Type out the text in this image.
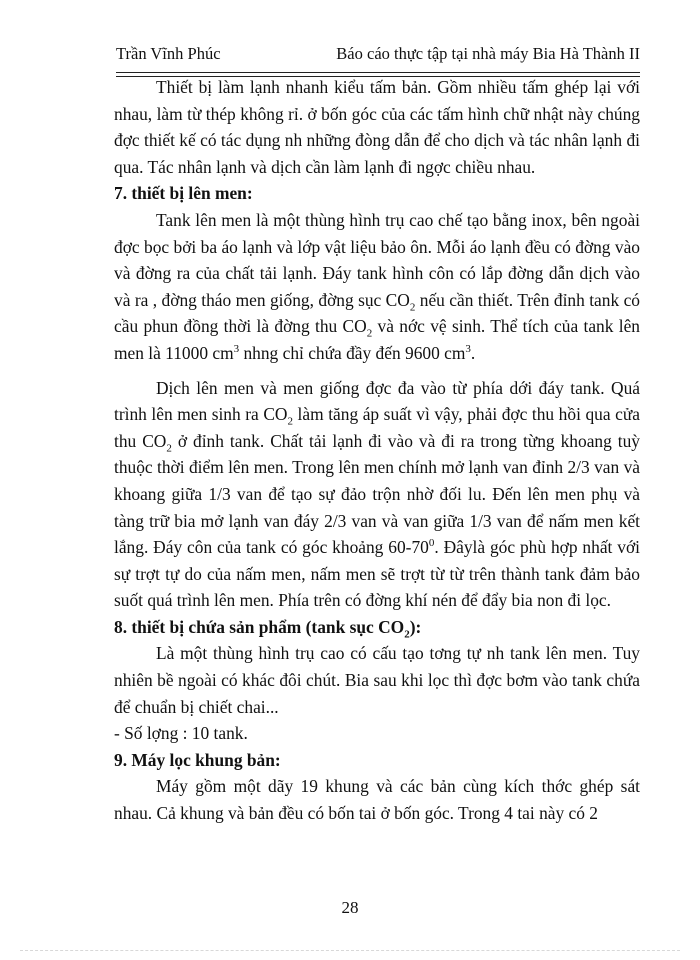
Trần Vĩnh Phúc	Báo cáo thực tập tại nhà máy Bia Hà Thành II

Thiết bị làm lạnh nhanh kiểu tấm bản. Gồm nhiều tấm ghép lại với nhau, làm từ thép không rỉ. ở bốn góc của các tấm hình chữ nhật này chúng đợc thiết kế có tác dụng nh những đòng dẫn để cho dịch và tác nhân lạnh đi qua. Tác nhân lạnh và dịch cần làm lạnh đi ngợc chiều nhau.

7. thiết bị lên men:

Tank lên men là một thùng hình trụ cao chế tạo bằng inox, bên ngoài đợc bọc bởi ba áo lạnh và lớp vật liệu bảo ôn. Mỗi áo lạnh đều có đờng vào và đờng ra của chất tải lạnh. Đáy tank hình côn có lắp đờng dẫn dịch vào và ra , đờng tháo men giống, đờng sục $CO_2$ nếu cần thiết. Trên đỉnh tank có cầu phun đồng thời là đờng thu $CO_2$ và nớc vệ sinh. Thể tích của tank lên men là 11000 $cm^3$ nhng chỉ chứa đầy đến 9600 $cm^3$.

Dịch lên men và men giống đợc đa vào từ phía dới đáy tank. Quá trình lên men sinh ra $CO_2$ làm tăng áp suất vì vậy, phải đợc thu hồi qua cửa thu $CO_2$ ở đỉnh tank. Chất tải lạnh đi vào và đi ra trong từng khoang tuỳ thuộc thời điểm lên men. Trong lên men chính mở lạnh van đỉnh 2/3 van và khoang giữa 1/3 van để tạo sự đảo trộn nhờ đối lu. Đến lên men phụ và tàng trữ bia mở lạnh van đáy 2/3 van và van giữa 1/3 van để nấm men kết lắng. Đáy côn của tank có góc khoảng $60-70^0$. Đâylà góc phù hợp nhất với sự trợt tự do của nấm men, nấm men sẽ trợt từ từ trên thành tank đảm bảo suốt quá trình lên men. Phía trên có đờng khí nén để đẩy bia non đi lọc.

8. thiết bị chứa sản phẩm (tank sục $CO_2$):

Là một thùng hình trụ cao có cấu tạo tơng tự nh tank lên men. Tuy nhiên bề ngoài có khác đôi chút. Bia sau khi lọc thì đợc bơm vào tank chứa để chuẩn bị chiết chai...

- Số lợng : 10 tank.

9. Máy lọc khung bản:

Máy gồm một dãy 19 khung và các bản cùng kích thớc ghép sát nhau. Cả khung và bản đều có bốn tai ở bốn góc. Trong 4 tai này có 2

28
